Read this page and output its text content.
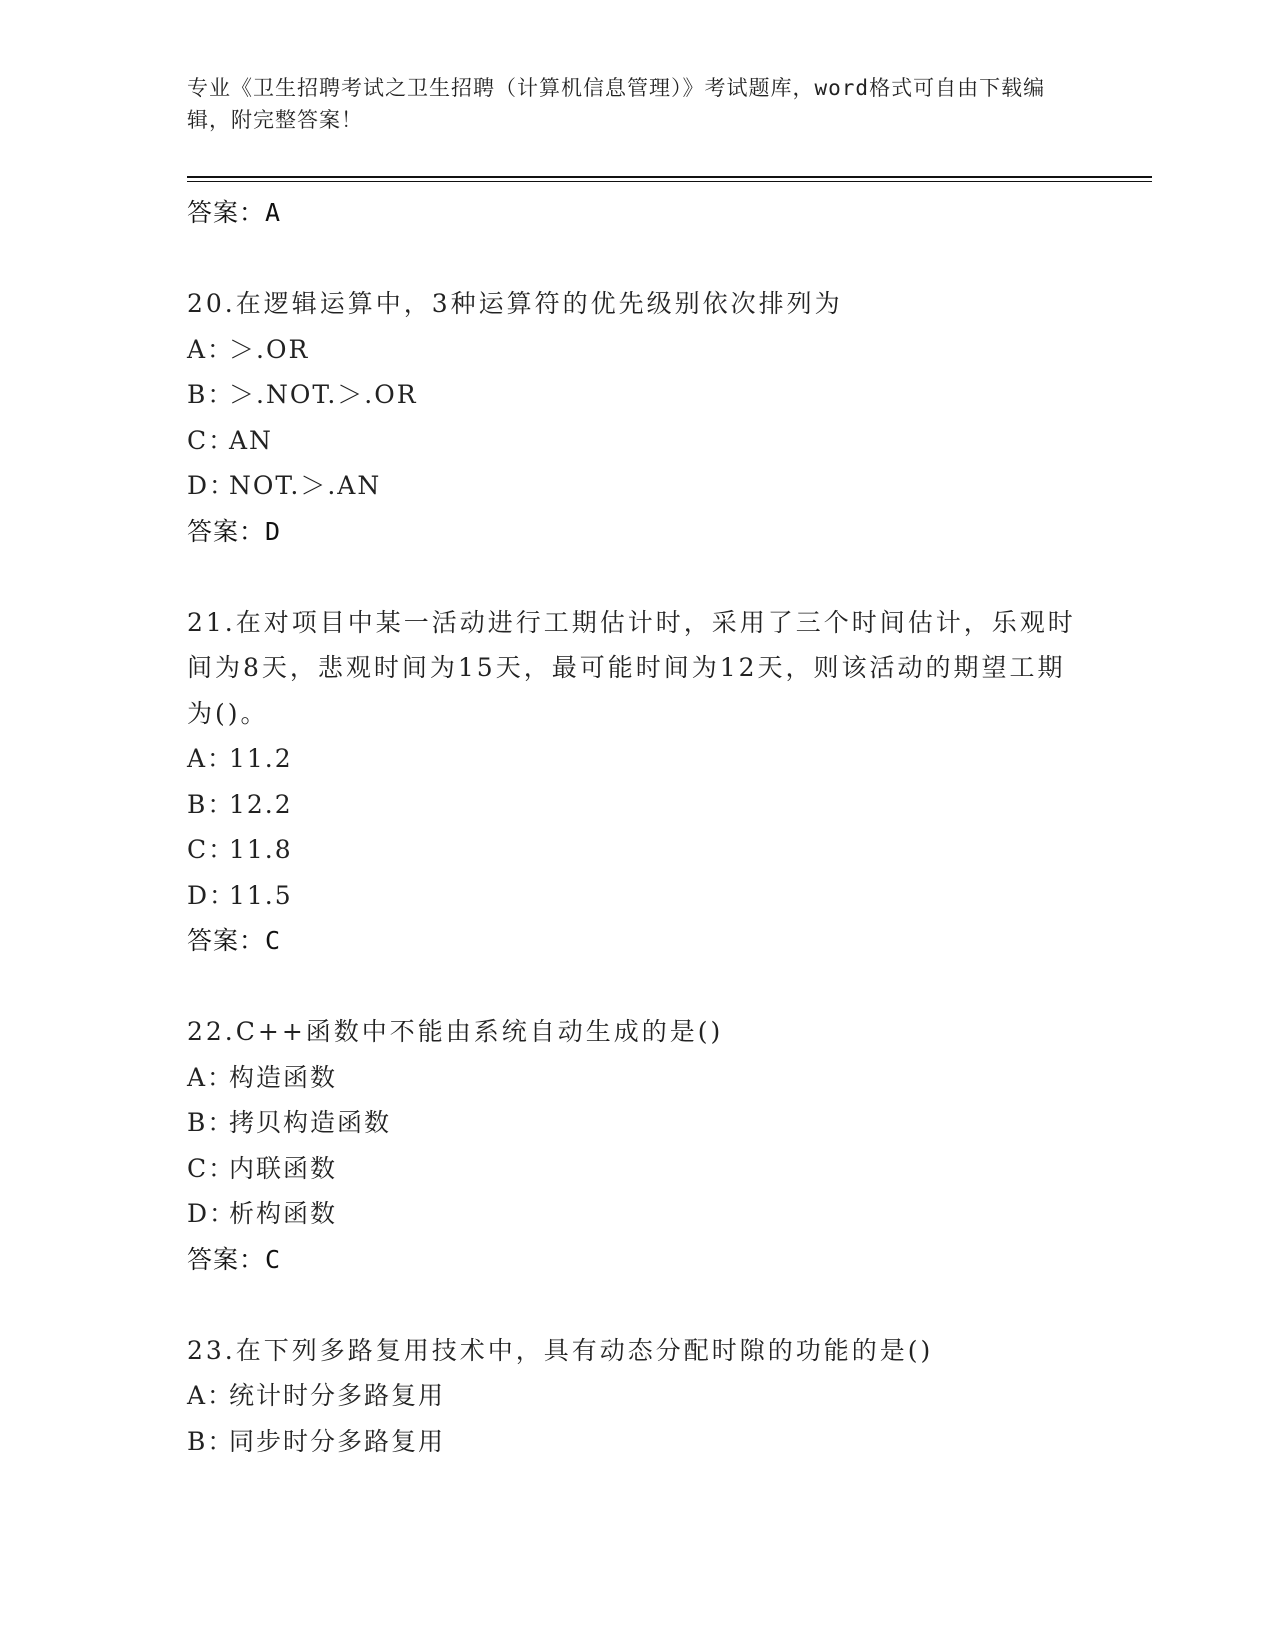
专业《卫生招聘考试之卫生招聘（计算机信息管理）》考试题库，word格式可自由下载编辑，附完整答案！
答案：A
20.在逻辑运算中，3种运算符的优先级别依次排列为
A：＞.OR
B：＞.NOT.＞.OR
C：AN
D：NOT.＞.AN
答案：D
21.在对项目中某一活动进行工期估计时，采用了三个时间估计，乐观时间为8天，悲观时间为15天，最可能时间为12天，则该活动的期望工期为()。
A：11.2
B：12.2
C：11.8
D：11.5
答案：C
22.C++函数中不能由系统自动生成的是()
A：构造函数
B：拷贝构造函数
C：内联函数
D：析构函数
答案：C
23.在下列多路复用技术中，具有动态分配时隙的功能的是()
A：统计时分多路复用
B：同步时分多路复用
